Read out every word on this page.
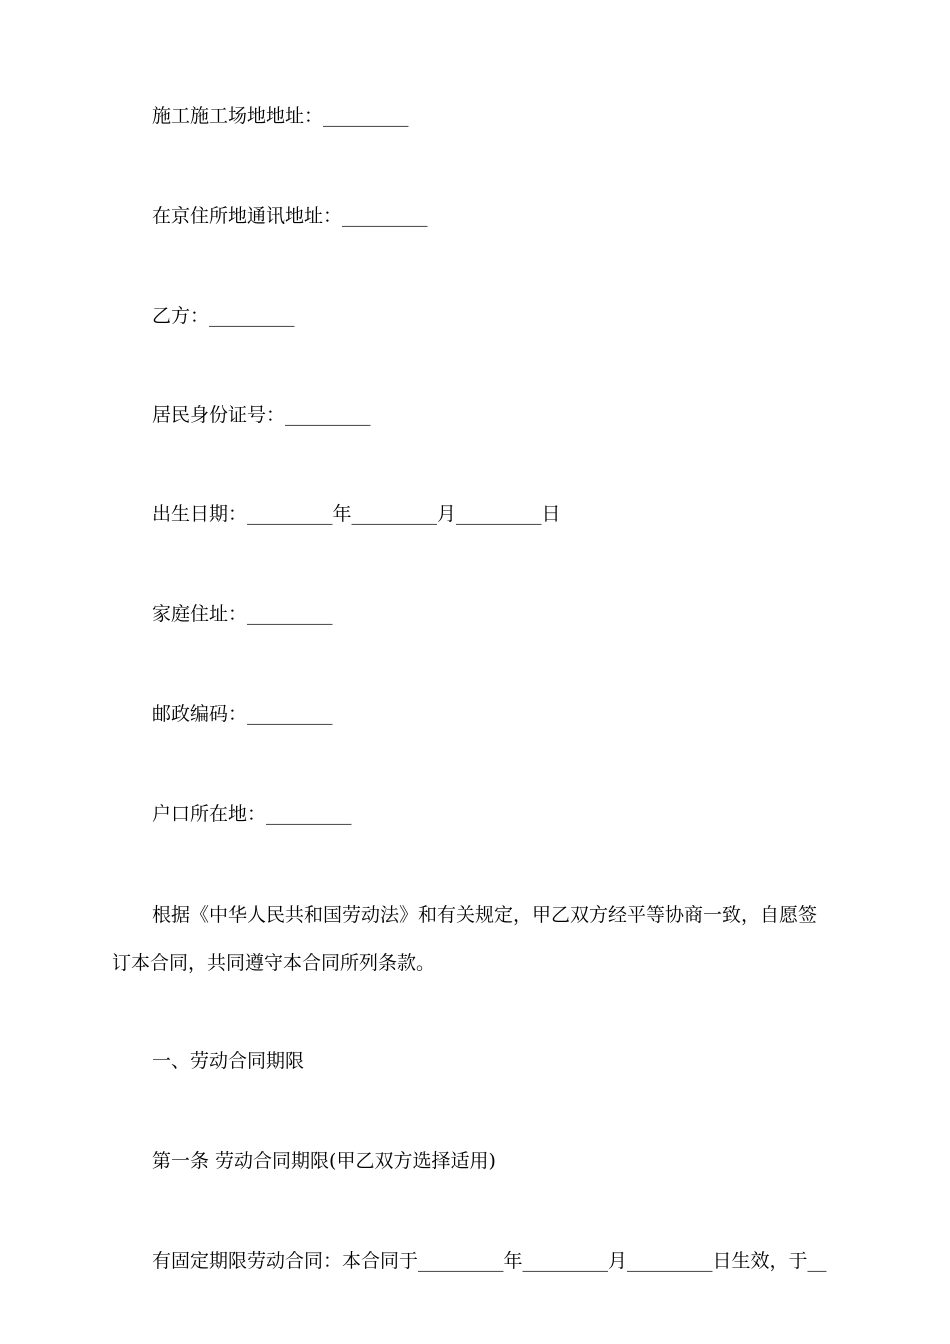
施工施工场地地址：_________
在京住所地通讯地址：_________
乙方：_________
居民身份证号：_________
出生日期：_________年_________月_________日
家庭住址：_________
邮政编码：_________
户口所在地：_________
根据《中华人民共和国劳动法》和有关规定，甲乙双方经平等协商一致，自愿签
订本合同，共同遵守本合同所列条款。
一、劳动合同期限
第一条 劳动合同期限(甲乙双方选择适用)
有固定期限劳动合同：本合同于_________年_________月_________日生效，于__
